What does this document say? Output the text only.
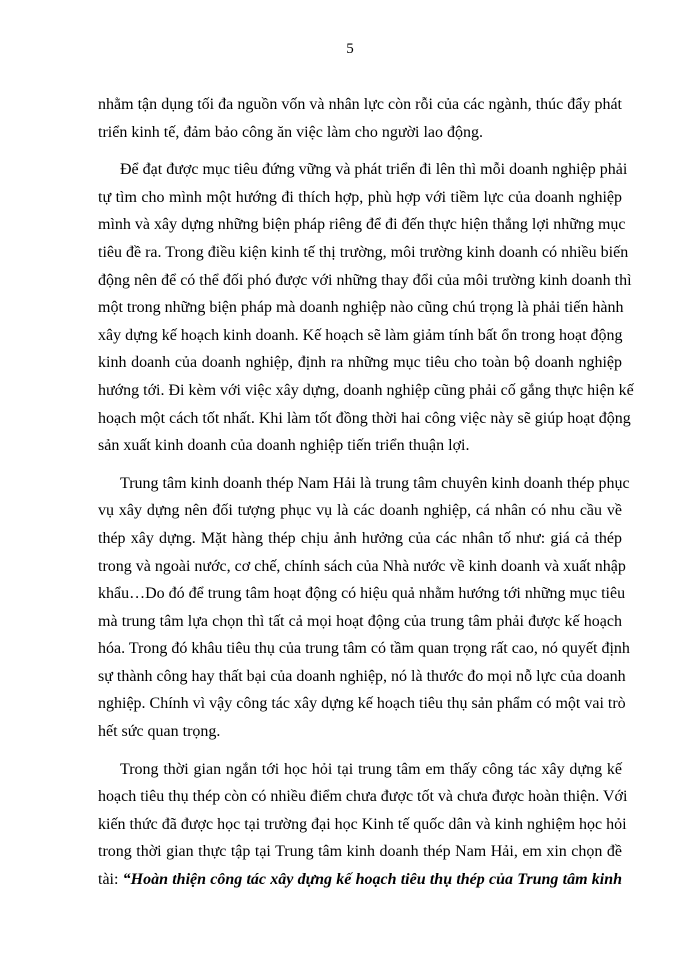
5
nhằm tận dụng tối đa nguồn vốn và nhân lực còn rỗi của các ngành, thúc đẩy phát
triển kinh tế, đảm bảo công ăn việc làm cho người lao động.
Để đạt được mục tiêu đứng vững và phát triển đi lên thì mỗi doanh nghiệp phải
tự tìm cho mình một hướng đi thích hợp, phù hợp với tiềm lực của doanh nghiệp
mình và xây dựng những biện pháp riêng để đi đến thực hiện thắng lợi những mục
tiêu đề ra. Trong điều kiện kinh tế thị trường, môi trường kinh doanh có nhiều biến
động nên để có thể đối phó được với những thay đổi của môi trường kinh doanh thì
một trong những biện pháp mà doanh nghiệp nào cũng chú trọng là phải tiến hành
xây dựng kế hoạch kinh doanh. Kế hoạch sẽ làm giảm tính bất ổn trong hoạt động
kinh doanh của doanh nghiệp, định ra những mục tiêu cho toàn bộ doanh nghiệp
hướng tới. Đi kèm với việc xây dựng, doanh nghiệp cũng phải cố gắng thực hiện kế
hoạch một cách tốt nhất. Khi làm tốt đồng thời hai công việc này sẽ giúp hoạt động
sản xuất kinh doanh của doanh nghiệp tiến triển thuận lợi.
Trung tâm kinh doanh thép Nam Hải là trung tâm chuyên kinh doanh thép phục
vụ xây dựng nên đối tượng phục vụ là các doanh nghiệp, cá nhân có nhu cầu về
thép xây dựng. Mặt hàng thép chịu ảnh hưởng của các nhân tố như: giá cả thép
trong và ngoài nước, cơ chế, chính sách của Nhà nước về kinh doanh và xuất nhập
khẩu…Do đó để trung tâm hoạt động có hiệu quả nhằm hướng tới những mục tiêu
mà trung tâm lựa chọn thì tất cả mọi hoạt động của trung tâm phải được kế hoạch
hóa. Trong đó khâu tiêu thụ của trung tâm có tầm quan trọng rất cao, nó quyết định
sự thành công hay thất bại của doanh nghiệp, nó là thước đo mọi nỗ lực của doanh
nghiệp. Chính vì vậy công tác xây dựng kế hoạch tiêu thụ sản phẩm có một vai trò
hết sức quan trọng.
Trong thời gian ngắn tới học hỏi tại trung tâm em thấy công tác xây dựng kế
hoạch tiêu thụ thép còn có nhiều điểm chưa được tốt và chưa được hoàn thiện. Với
kiến thức đã được học tại trường đại học Kinh tế quốc dân và kinh nghiệm học hỏi
trong thời gian thực tập tại Trung tâm kinh doanh thép Nam Hải, em xin chọn đề
tài: “Hoàn thiện công tác xây dựng kế hoạch tiêu thụ thép của Trung tâm kinh
